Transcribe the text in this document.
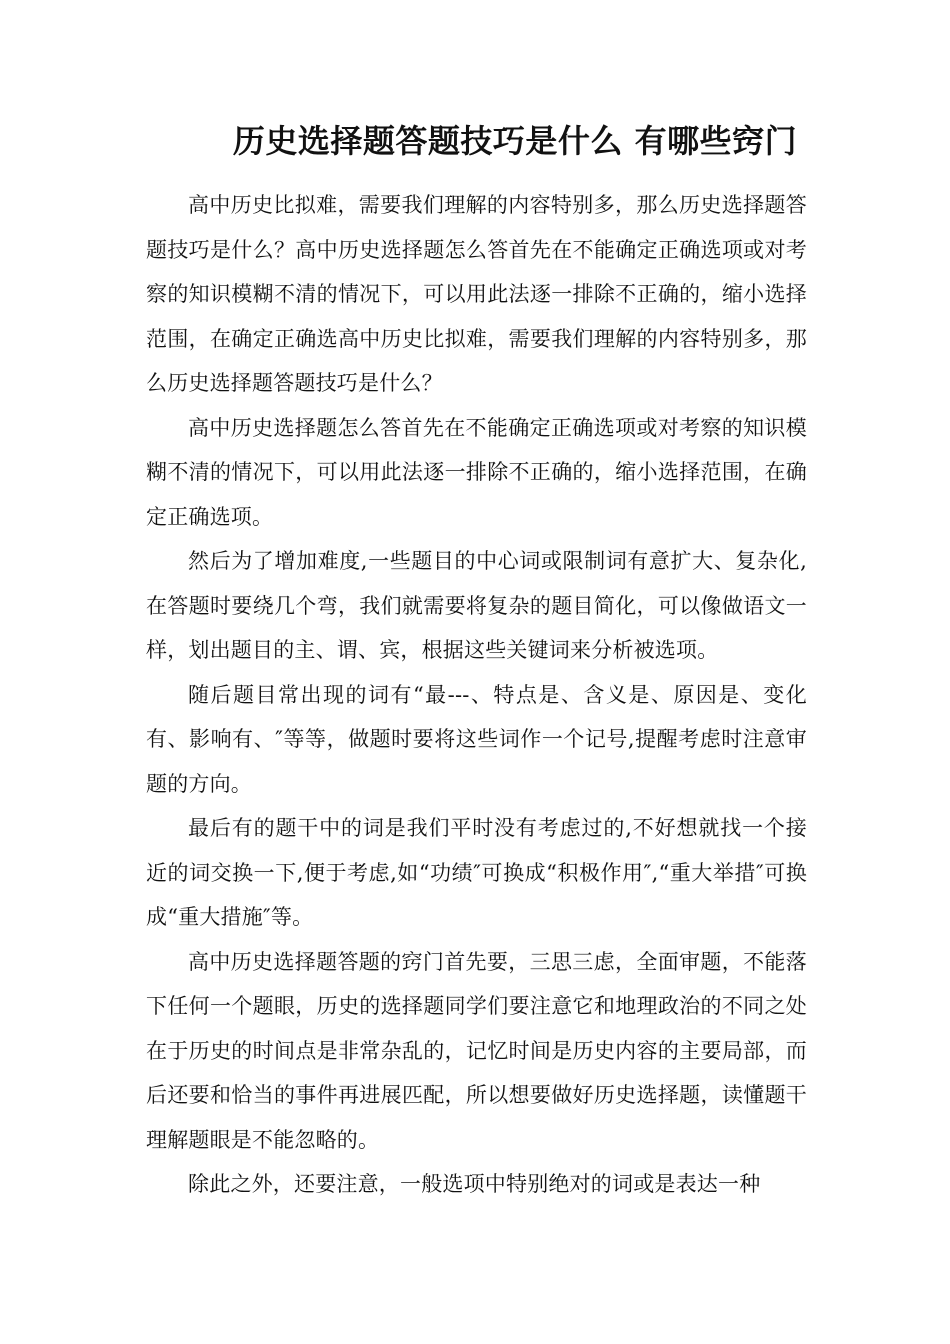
历史选择题答题技巧是什么 有哪些窍门

高中历史比拟难，需要我们理解的内容特别多，那么历史选择题答题技巧是什么？高中历史选择题怎么答首先在不能确定正确选项或对考察的知识模糊不清的情况下，可以用此法逐一排除不正确的，缩小选择范围，在确定正确选高中历史比拟难，需要我们理解的内容特别多，那么历史选择题答题技巧是什么？

高中历史选择题怎么答首先在不能确定正确选项或对考察的知识模糊不清的情况下，可以用此法逐一排除不正确的，缩小选择范围，在确定正确选项。

然后为了增加难度,一些题目的中心词或限制词有意扩大、复杂化,在答题时要绕几个弯，我们就需要将复杂的题目简化，可以像做语文一样，划出题目的主、谓、宾，根据这些关键词来分析被选项。

随后题目常出现的词有“最---、特点是、含义是、原因是、变化有、影响有、″等等，做题时要将这些词作一个记号,提醒考虑时注意审题的方向。

最后有的题干中的词是我们平时没有考虑过的,不好想就找一个接近的词交换一下,便于考虑,如“功绩″可换成“积极作用″,“重大举措″可换成“重大措施″等。

高中历史选择题答题的窍门首先要，三思三虑，全面审题，不能落下任何一个题眼，历史的选择题同学们要注意它和地理政治的不同之处在于历史的时间点是非常杂乱的，记忆时间是历史内容的主要局部，而后还要和恰当的事件再进展匹配，所以想要做好历史选择题，读懂题干理解题眼是不能忽略的。

除此之外，还要注意，一般选项中特别绝对的词或是表达一种
